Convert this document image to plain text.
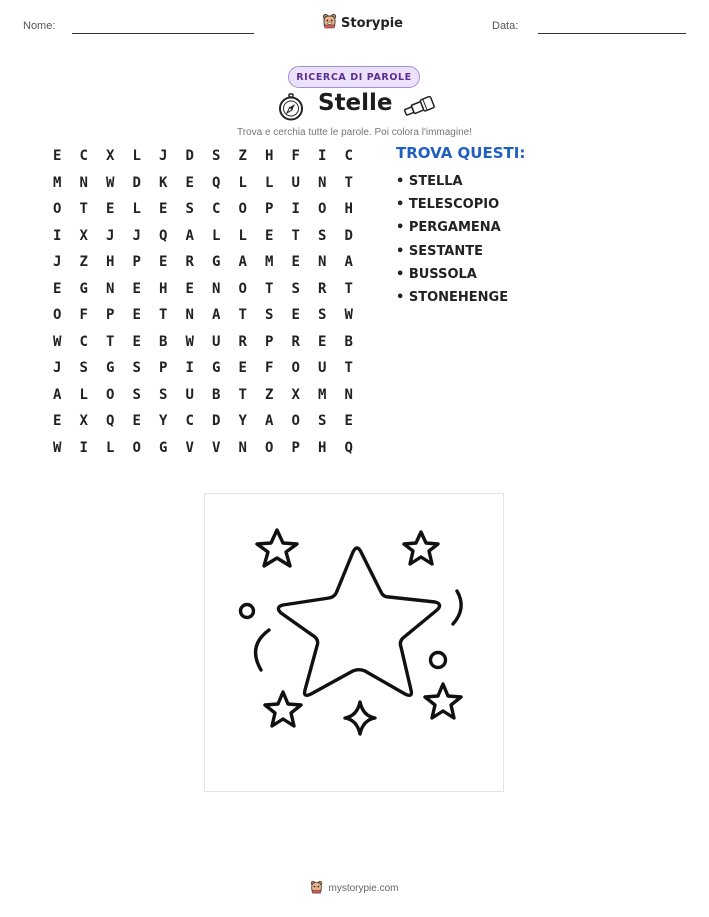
Nome:	Storypie	Data:
RICERCA DI PAROLE
Stelle
Trova e cerchia tutte le parole. Poi colora l'immagine!
E	C	X	L	J	D	S	Z	H	F	I	C
M	N	W	D	K	E	Q	L	L	U	N	T
O	T	E	L	E	S	C	O	P	I	O	H
I	X	J	J	Q	A	L	L	E	T	S	D
J	Z	H	P	E	R	G	A	M	E	N	A
E	G	N	E	H	E	N	O	T	S	R	T
O	F	P	E	T	N	A	T	S	E	S	W
W	C	T	E	B	W	U	R	P	R	E	B
J	S	G	S	P	I	G	E	F	O	U	T
A	L	O	S	S	U	B	T	Z	X	M	N
E	X	Q	E	Y	C	D	Y	A	O	S	E
W	I	L	O	G	V	V	N	O	P	H	Q
TROVA QUESTI:
• STELLA
• TELESCOPIO
• PERGAMENA
• SESTANTE
• BUSSOLA
• STONEHENGE
mystorypie.com
